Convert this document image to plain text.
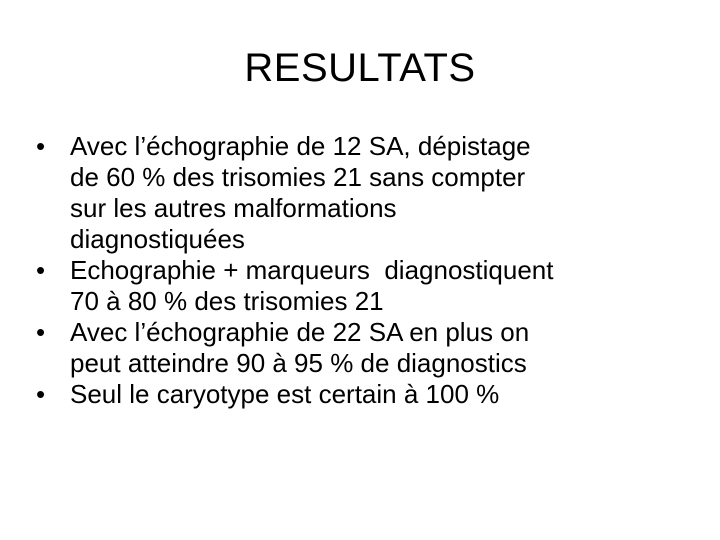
RESULTATS
• Avec l’échographie de 12 SA, dépistage
de 60 % des trisomies 21 sans compter
sur les autres malformations
diagnostiquées
• Echographie + marqueurs  diagnostiquent
70 à 80 % des trisomies 21
• Avec l’échographie de 22 SA en plus on
peut atteindre 90 à 95 % de diagnostics
• Seul le caryotype est certain à 100 %
